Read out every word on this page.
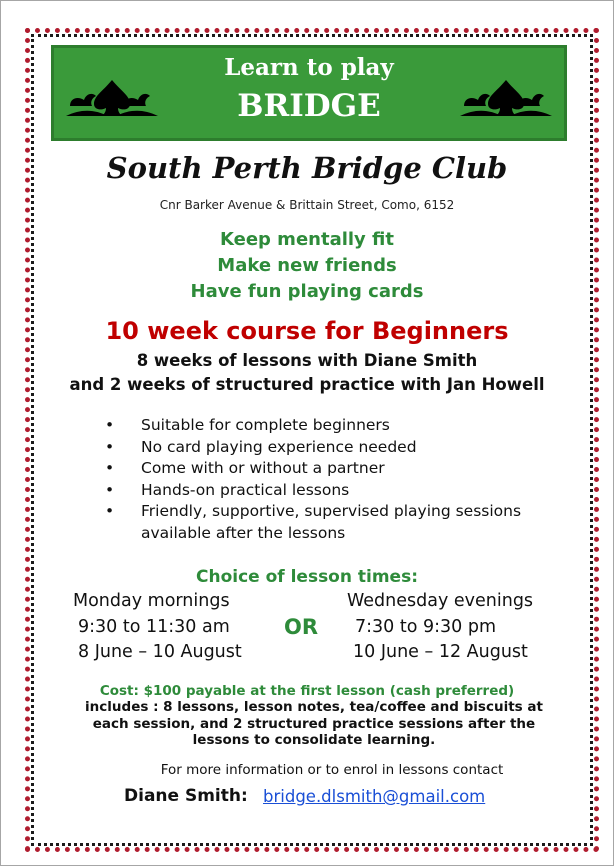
Learn to play
BRIDGE
South Perth Bridge Club
Cnr Barker Avenue & Brittain Street, Como, 6152
Keep mentally fit
Make new friends
Have fun playing cards
10 week course for Beginners
8 weeks of lessons with Diane Smith
and 2 weeks of structured practice with Jan Howell
• Suitable for complete beginners
• No card playing experience needed
• Come with or without a partner
• Hands-on practical lessons
• Friendly, supportive, supervised playing sessions available after the lessons
Choice of lesson times:
Monday mornings
9:30 to 11:30 am
8 June – 10 August
OR
Wednesday evenings
7:30 to 9:30 pm
10 June – 12 August
Cost: $100 payable at the first lesson (cash preferred)
includes : 8 lessons, lesson notes, tea/coffee and biscuits at each session, and 2 structured practice sessions after the lessons to consolidate learning.
For more information or to enrol in lessons contact
Diane Smith: bridge.dlsmith@gmail.com
